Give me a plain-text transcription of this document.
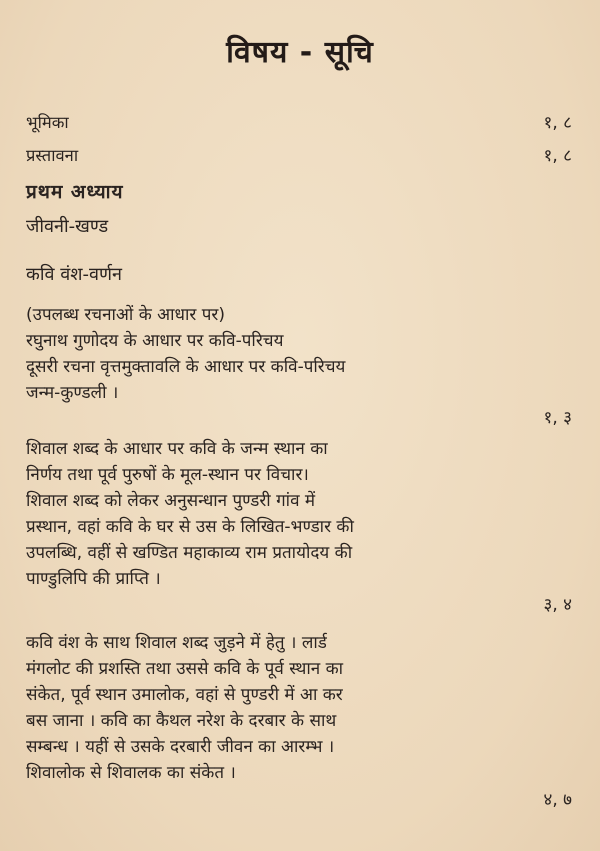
विषय - सूचि
भूमिका	१, ८
प्रस्तावना	१, ८
प्रथम अध्याय
जीवनी-खण्ड
कवि वंश-वर्णन
(उपलब्ध रचनाओं के आधार पर)
रघुनाथ गुणोदय के आधार पर कवि-परिचय
दूसरी रचना वृत्तमुक्तावलि के आधार पर कवि-परिचय
जन्म-कुण्डली ।
१, ३
शिवाल शब्द के आधार पर कवि के जन्म स्थान का
निर्णय तथा पूर्व पुरुषों के मूल-स्थान पर विचार।
शिवाल शब्द को लेकर अनुसन्धान पुण्डरी गांव में
प्रस्थान, वहां कवि के घर से उस के लिखित-भण्डार की
उपलब्धि, वहीं से खण्डित महाकाव्य राम प्रतायोदय की
पाण्डुलिपि की प्राप्ति ।
३, ४
कवि वंश के साथ शिवाल शब्द जुड़ने में हेतु । लार्ड
मंगलोट की प्रशस्ति तथा उससे कवि के पूर्व स्थान का
संकेत, पूर्व स्थान उमालोक, वहां से पुण्डरी में आ कर
बस जाना । कवि का कैथल नरेश के दरबार के साथ
सम्बन्ध । यहीं से उसके दरबारी जीवन का आरम्भ ।
शिवालोक से शिवालक का संकेत ।
४, ७
